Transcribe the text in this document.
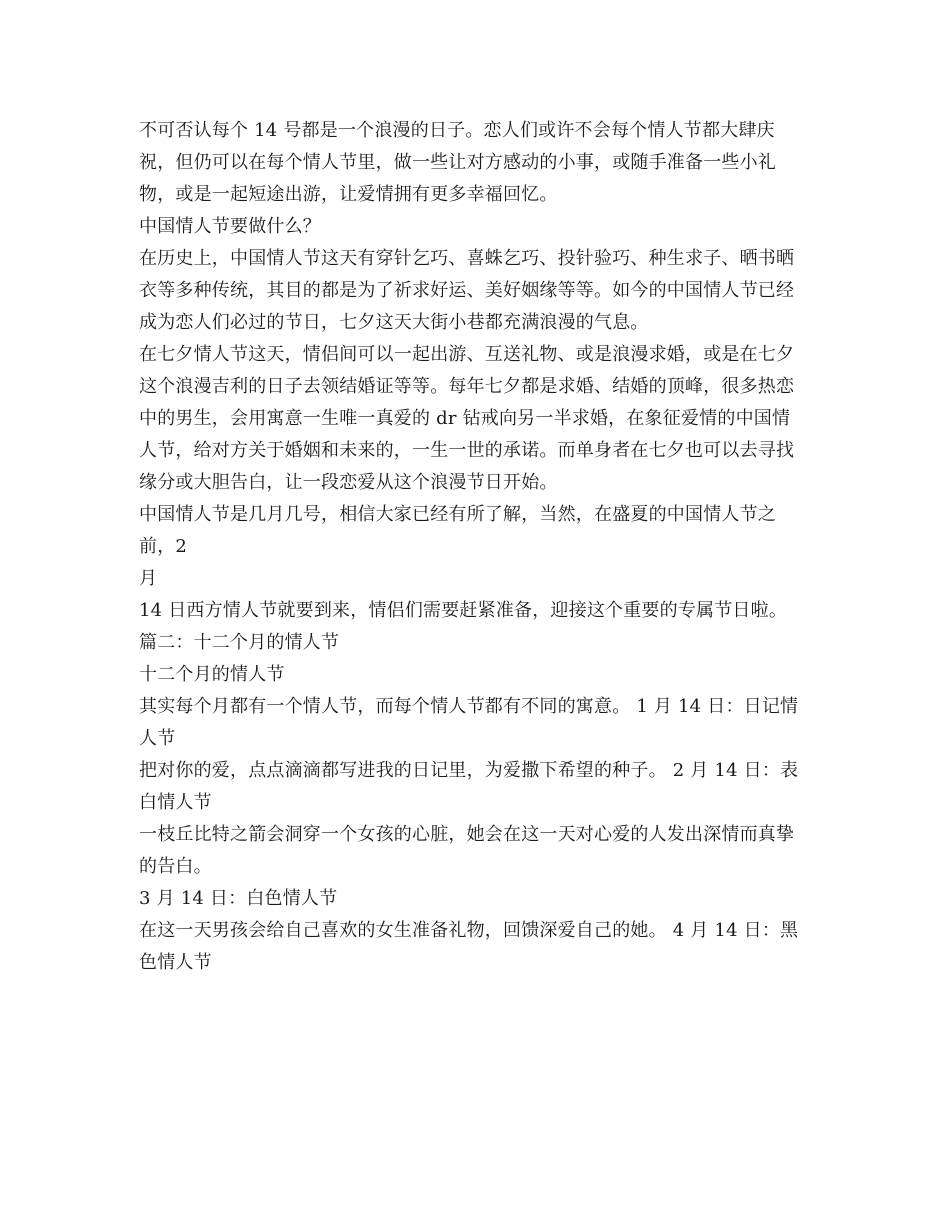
不可否认每个 14 号都是一个浪漫的日子。恋人们或许不会每个情人节都大肆庆
祝，但仍可以在每个情人节里，做一些让对方感动的小事，或随手准备一些小礼
物，或是一起短途出游，让爱情拥有更多幸福回忆。
中国情人节要做什么？
在历史上，中国情人节这天有穿针乞巧、喜蛛乞巧、投针验巧、种生求子、晒书晒
衣等多种传统，其目的都是为了祈求好运、美好姻缘等等。如今的中国情人节已经
成为恋人们必过的节日，七夕这天大街小巷都充满浪漫的气息。
在七夕情人节这天，情侣间可以一起出游、互送礼物、或是浪漫求婚，或是在七夕
这个浪漫吉利的日子去领结婚证等等。每年七夕都是求婚、结婚的顶峰，很多热恋
中的男生，会用寓意一生唯一真爱的 dr 钻戒向另一半求婚，在象征爱情的中国情
人节，给对方关于婚姻和未来的，一生一世的承诺。而单身者在七夕也可以去寻找
缘分或大胆告白，让一段恋爱从这个浪漫节日开始。
中国情人节是几月几号，相信大家已经有所了解，当然，在盛夏的中国情人节之
前，2
月
14 日西方情人节就要到来，情侣们需要赶紧准备，迎接这个重要的专属节日啦。
篇二：十二个月的情人节
十二个月的情人节
其实每个月都有一个情人节，而每个情人节都有不同的寓意。 1 月 14 日：日记情
人节
把对你的爱，点点滴滴都写进我的日记里，为爱撒下希望的种子。 2 月 14 日：表
白情人节
一枝丘比特之箭会洞穿一个女孩的心脏，她会在这一天对心爱的人发出深情而真挚
的告白。
3 月 14 日：白色情人节
在这一天男孩会给自己喜欢的女生准备礼物，回馈深爱自己的她。 4 月 14 日：黑
色情人节
